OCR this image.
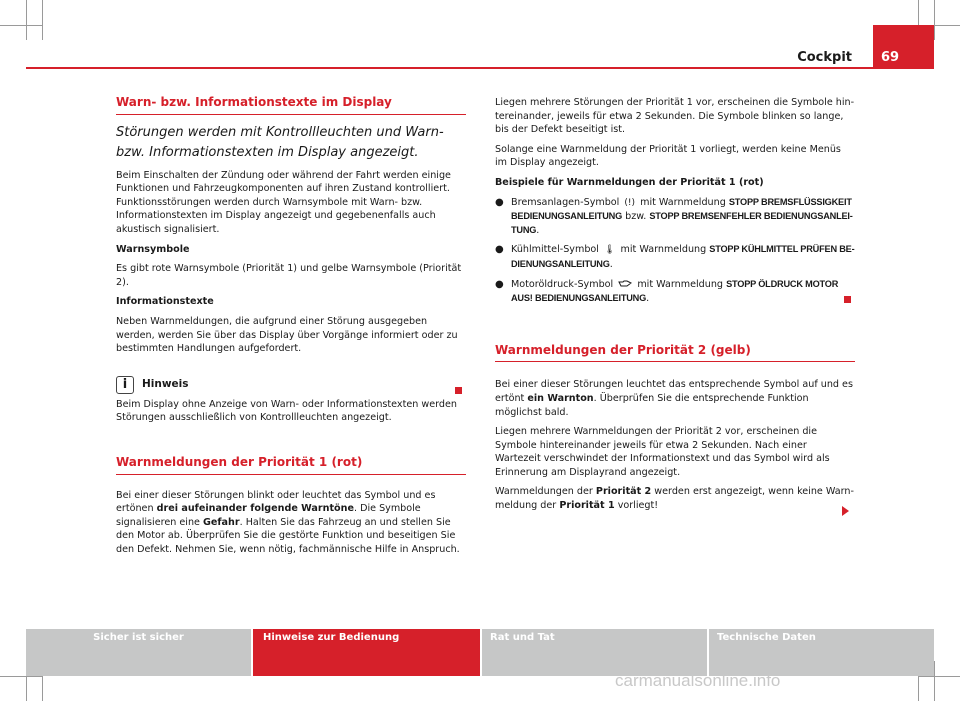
Cockpit	69
Warn- bzw. Informationstexte im Display

Störungen werden mit Kontrollleuchten und Warn- bzw. Informationstexten im Display angezeigt.

Beim Einschalten der Zündung oder während der Fahrt werden einige Funktionen und Fahrzeugkomponenten auf ihren Zustand kontrolliert. Funktionsstörungen werden durch Warnsymbole mit Warn- bzw. Informationstexten im Display angezeigt und gegebenenfalls auch akustisch signalisiert.

Warnsymbole

Es gibt rote Warnsymbole (Priorität 1) und gelbe Warnsymbole (Priorität 2).

Informationstexte

Neben Warnmeldungen, die aufgrund einer Störung ausgegeben werden, werden Sie über das Display über Vorgänge informiert oder zu bestimmten Handlungen aufgefordert.

i
Hinweis

Beim Display ohne Anzeige von Warn- oder Informationstexten werden Störungen ausschließlich von Kontrollleuchten angezeigt.

Warnmeldungen der Priorität 1 (rot)

Bei einer dieser Störungen blinkt oder leuchtet das Symbol und es ertönen drei aufeinander folgende Warntöne. Die Symbole signalisieren eine Gefahr. Halten Sie das Fahrzeug an und stellen Sie den Motor ab. Überprüfen Sie die gestörte Funktion und beseitigen Sie den Defekt. Nehmen Sie, wenn nötig, fachmännische Hilfe in Anspruch.

Liegen mehrere Störungen der Priorität 1 vor, erscheinen die Symbole hintereinander, jeweils für etwa 2 Sekunden. Die Symbole blinken so lange, bis der Defekt beseitigt ist.

Solange eine Warnmeldung der Priorität 1 vorliegt, werden keine Menüs im Display angezeigt.

Beispiele für Warnmeldungen der Priorität 1 (rot)

● Bremsanlagen-Symbol (!) mit Warnmeldung STOPP BREMSFLÜSSIGKEIT BEDIENUNGSANLEITUNG bzw. STOPP BREMSENFEHLER BEDIENUNGSANLEITUNG.
● Kühlmittel-Symbol 🌡︎ mit Warnmeldung STOPP KÜHLMITTEL PRÜFEN BEDIENUNGSANLEITUNG.
● Motoröldruck-Symbol	mit Warnmeldung STOPP ÖLDRUCK MOTOR AUS! BEDIENUNGSANLEITUNG.
Warnmeldungen der Priorität 2 (gelb)

Bei einer dieser Störungen leuchtet das entsprechende Symbol auf und es ertönt ein Warnton. Überprüfen Sie die entsprechende Funktion möglichst bald.

Liegen mehrere Warnmeldungen der Priorität 2 vor, erscheinen die Symbole hintereinander jeweils für etwa 2 Sekunden. Nach einer Wartezeit verschwindet der Informationstext und das Symbol wird als Erinnerung am Displayrand angezeigt.

Warnmeldungen der Priorität 2 werden erst angezeigt, wenn keine Warnmeldung der Priorität 1 vorliegt!

Sicher ist sicher	Hinweise zur Bedienung	Rat und Tat	Technische Daten
carmanualsonline.info
